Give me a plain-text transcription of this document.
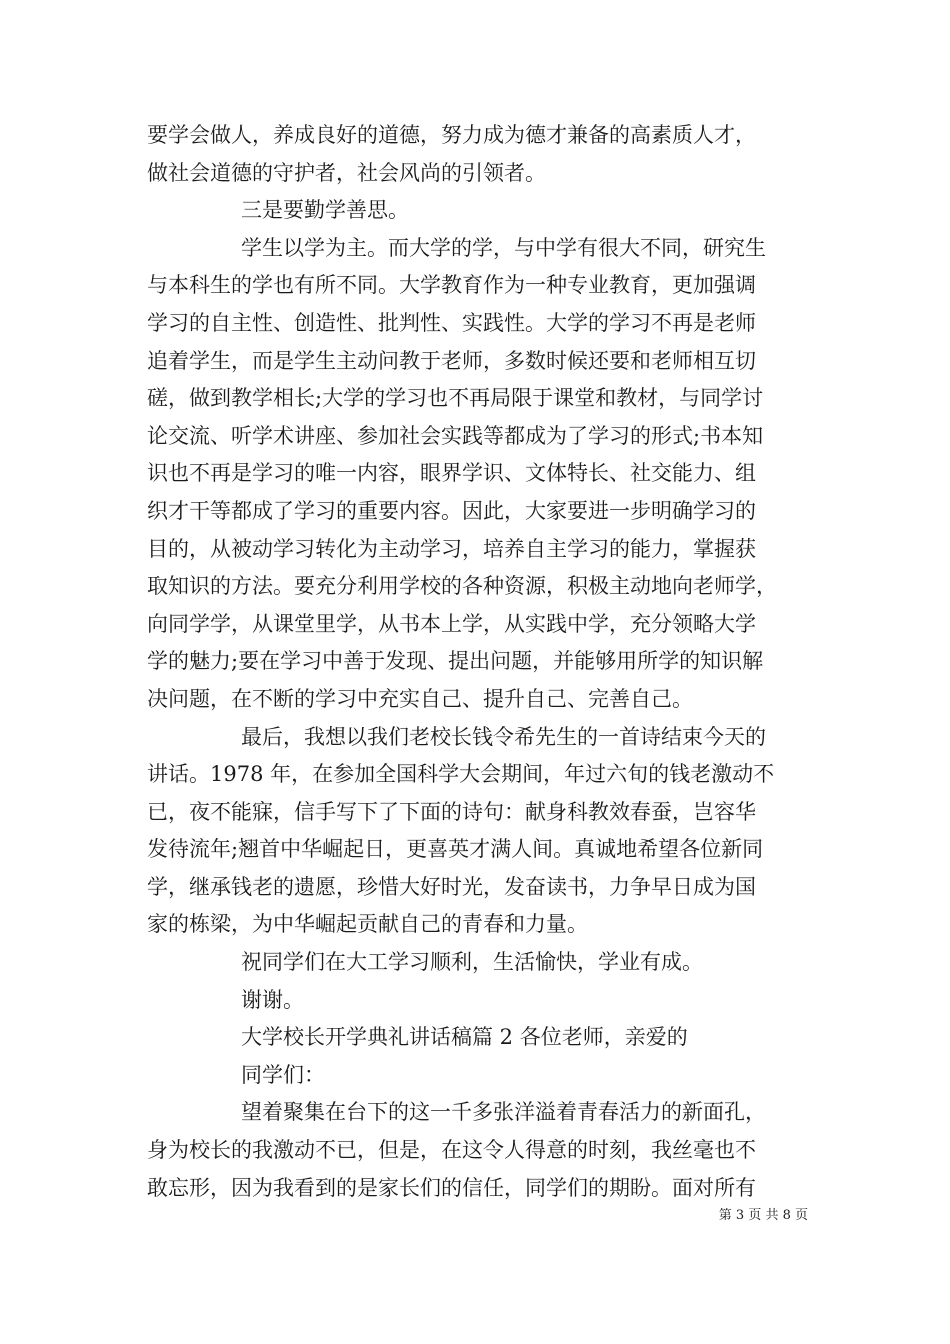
要学会做人，养成良好的道德，努力成为德才兼备的高素质人才，
做社会道德的守护者，社会风尚的引领者。
三是要勤学善思。
学生以学为主。而大学的学，与中学有很大不同，研究生
与本科生的学也有所不同。大学教育作为一种专业教育，更加强调
学习的自主性、创造性、批判性、实践性。大学的学习不再是老师
追着学生，而是学生主动问教于老师，多数时候还要和老师相互切
磋，做到教学相长;大学的学习也不再局限于课堂和教材，与同学讨
论交流、听学术讲座、参加社会实践等都成为了学习的形式;书本知
识也不再是学习的唯一内容，眼界学识、文体特长、社交能力、组
织才干等都成了学习的重要内容。因此，大家要进一步明确学习的
目的，从被动学习转化为主动学习，培养自主学习的能力，掌握获
取知识的方法。要充分利用学校的各种资源，积极主动地向老师学，
向同学学，从课堂里学，从书本上学，从实践中学，充分领略大学
学的魅力;要在学习中善于发现、提出问题，并能够用所学的知识解
决问题，在不断的学习中充实自己、提升自己、完善自己。
最后，我想以我们老校长钱令希先生的一首诗结束今天的
讲话。1978 年，在参加全国科学大会期间，年过六旬的钱老激动不
已，夜不能寐，信手写下了下面的诗句：献身科教效春蚕，岂容华
发待流年;翘首中华崛起日，更喜英才满人间。真诚地希望各位新同
学，继承钱老的遗愿，珍惜大好时光，发奋读书，力争早日成为国
家的栋梁，为中华崛起贡献自己的青春和力量。
祝同学们在大工学习顺利，生活愉快，学业有成。
谢谢。
大学校长开学典礼讲话稿篇 2 各位老师，亲爱的
同学们：
望着聚集在台下的这一千多张洋溢着青春活力的新面孔，
身为校长的我激动不已，但是，在这令人得意的时刻，我丝毫也不
敢忘形，因为我看到的是家长们的信任，同学们的期盼。面对所有
第 3 页 共 8 页
